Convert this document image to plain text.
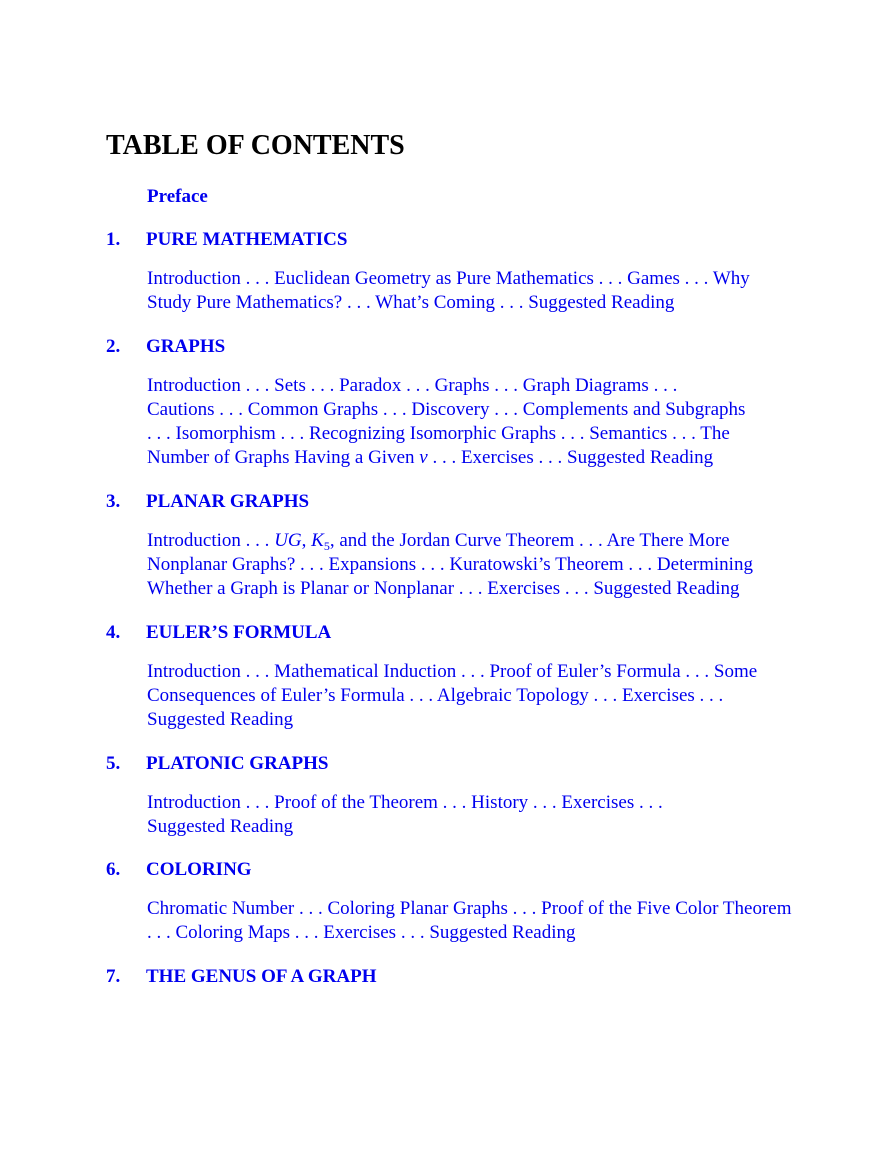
TABLE OF CONTENTS
Preface
1.	PURE MATHEMATICS
Introduction . . . Euclidean Geometry as Pure Mathematics . . . Games . . . Why Study Pure Mathematics? . . . What’s Coming . . . Suggested Reading
2.	GRAPHS
Introduction . . . Sets . . . Paradox . . . Graphs . . . Graph Diagrams . . . Cautions . . . Common Graphs . . . Discovery . . . Complements and Subgraphs . . . Isomorphism . . . Recognizing Isomorphic Graphs . . . Semantics . . . The Number of Graphs Having a Given v . . . Exercises . . . Suggested Reading
3.	PLANAR GRAPHS
Introduction . . . UG, $K_5$, and the Jordan Curve Theorem . . . Are There More Nonplanar Graphs? . . . Expansions . . . Kuratowski’s Theorem . . . Determining Whether a Graph is Planar or Nonplanar . . . Exercises . . . Suggested Reading
4.	EULER’S FORMULA
Introduction . . . Mathematical Induction . . . Proof of Euler’s Formula . . . Some Consequences of Euler’s Formula . . . Algebraic Topology . . . Exercises . . . Suggested Reading
5.	PLATONIC GRAPHS
Introduction . . . Proof of the Theorem . . . History . . . Exercises . . . Suggested Reading
6.	COLORING
Chromatic Number . . . Coloring Planar Graphs . . . Proof of the Five Color Theorem . . . Coloring Maps . . . Exercises . . . Suggested Reading
7.	THE GENUS OF A GRAPH
